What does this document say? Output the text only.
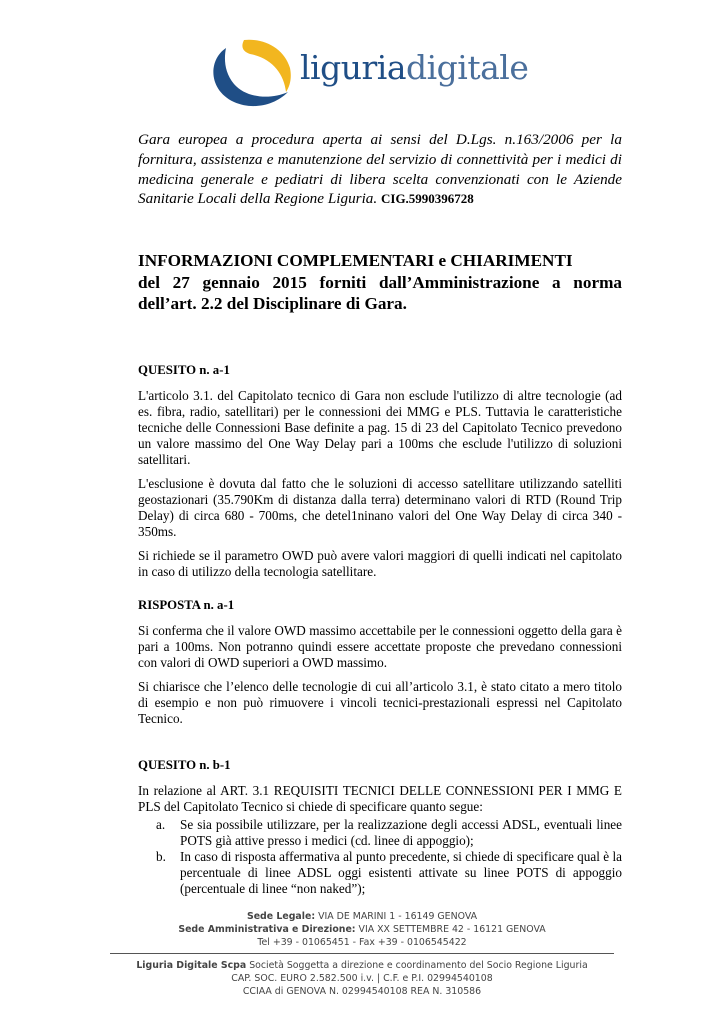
liguriadigitale
Gara europea a procedura aperta ai sensi del D.Lgs. n.163/2006 per la fornitura, assistenza e manutenzione del servizio di connettività per i medici di medicina generale e pediatri di libera scelta convenzionati con le Aziende Sanitarie Locali della Regione Liguria. CIG.5990396728
INFORMAZIONI COMPLEMENTARI e CHIARIMENTI
del 27 gennaio 2015 forniti dall’Amministrazione a norma dell’art. 2.2 del Disciplinare di Gara.
QUESITO n. a-1

L'articolo 3.1. del Capitolato tecnico di Gara non esclude l'utilizzo di altre tecnologie (ad es. fibra, radio, satellitari) per le connessioni dei MMG e PLS. Tuttavia le caratteristiche tecniche delle Connessioni Base definite a pag. 15 di 23 del Capitolato Tecnico prevedono un valore massimo del One Way Delay pari a 100ms che esclude l'utilizzo di soluzioni satellitari.

L'esclusione è dovuta dal fatto che le soluzioni di accesso satellitare utilizzando satelliti geostazionari (35.790Km di distanza dalla terra) determinano valori di RTD (Round Trip Delay) di circa 680 - 700ms, che detel1ninano valori del One Way Delay di circa 340 - 350ms.

Si richiede se il parametro OWD può avere valori maggiori di quelli indicati nel capitolato in caso di utilizzo della tecnologia satellitare.

RISPOSTA n. a-1

Si conferma che il valore OWD massimo accettabile per le connessioni oggetto della gara è pari a 100ms. Non potranno quindi essere accettate proposte che prevedano connessioni con valori di OWD superiori a OWD massimo.

Si chiarisce che l’elenco delle tecnologie di cui all’articolo 3.1, è stato citato a mero titolo di esempio e non può rimuovere i vincoli tecnici-prestazionali espressi nel Capitolato Tecnico.

QUESITO n. b-1

In relazione al ART. 3.1 REQUISITI TECNICI DELLE CONNESSIONI PER I MMG E PLS del Capitolato Tecnico si chiede di specificare quanto segue:

a.	Se sia possibile utilizzare, per la realizzazione degli accessi ADSL, eventuali linee POTS già attive presso i medici (cd. linee di appoggio);
b.	In caso di risposta affermativa al punto precedente, si chiede di specificare qual è la percentuale di linee ADSL oggi esistenti attivate su linee POTS di appoggio (percentuale di linee “non naked”);
Sede Legale: VIA DE MARINI 1 - 16149 GENOVA
Sede Amministrativa e Direzione: VIA XX SETTEMBRE 42 - 16121 GENOVA
Tel +39 - 01065451 - Fax +39 - 0106545422
Liguria Digitale Scpa Società Soggetta a direzione e coordinamento del Socio Regione Liguria
CAP. SOC. EURO 2.582.500 i.v. | C.F. e P.I. 02994540108
CCIAA di GENOVA N. 02994540108 REA N. 310586
